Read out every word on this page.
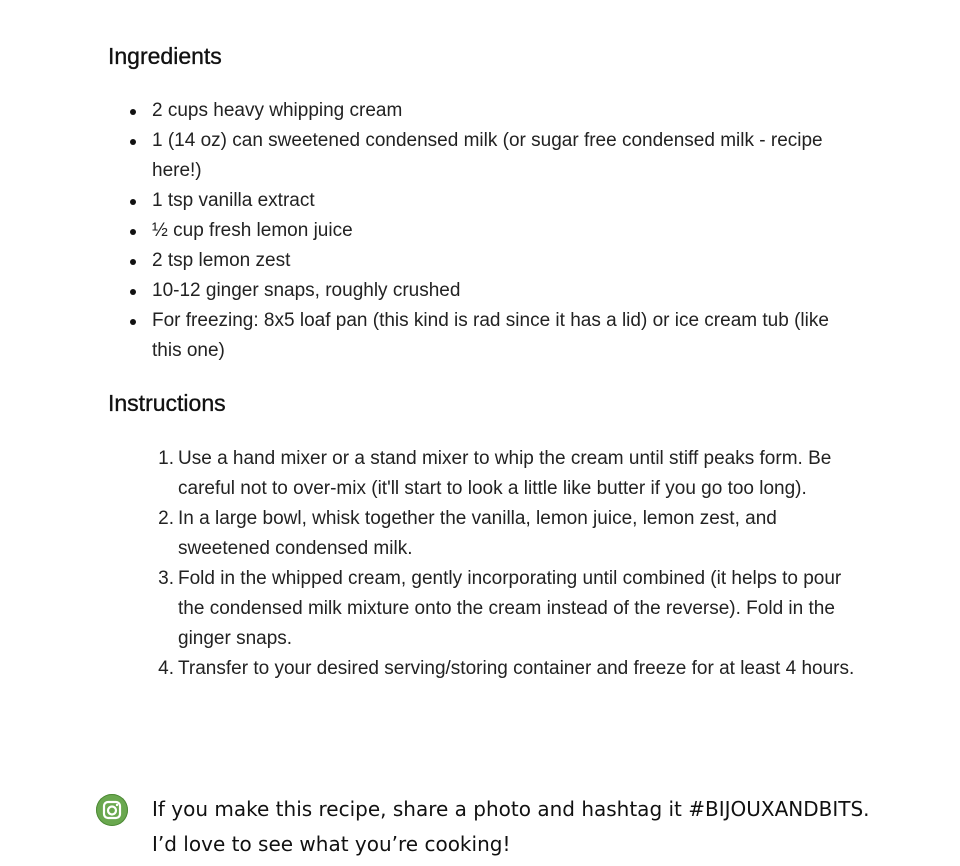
Ingredients
2 cups heavy whipping cream
1 (14 oz) can sweetened condensed milk (or sugar free condensed milk - recipe here!)
1 tsp vanilla extract
½ cup fresh lemon juice
2 tsp lemon zest
10-12 ginger snaps, roughly crushed
For freezing: 8x5 loaf pan (this kind is rad since it has a lid) or ice cream tub (like this one)
Instructions
1. Use a hand mixer or a stand mixer to whip the cream until stiff peaks form. Be careful not to over-mix (it'll start to look a little like butter if you go too long).
2. In a large bowl, whisk together the vanilla, lemon juice, lemon zest, and sweetened condensed milk.
3. Fold in the whipped cream, gently incorporating until combined (it helps to pour the condensed milk mixture onto the cream instead of the reverse). Fold in the ginger snaps.
4. Transfer to your desired serving/storing container and freeze for at least 4 hours.
If you make this recipe, share a photo and hashtag it #BIJOUXANDBITS. I’d love to see what you’re cooking!
